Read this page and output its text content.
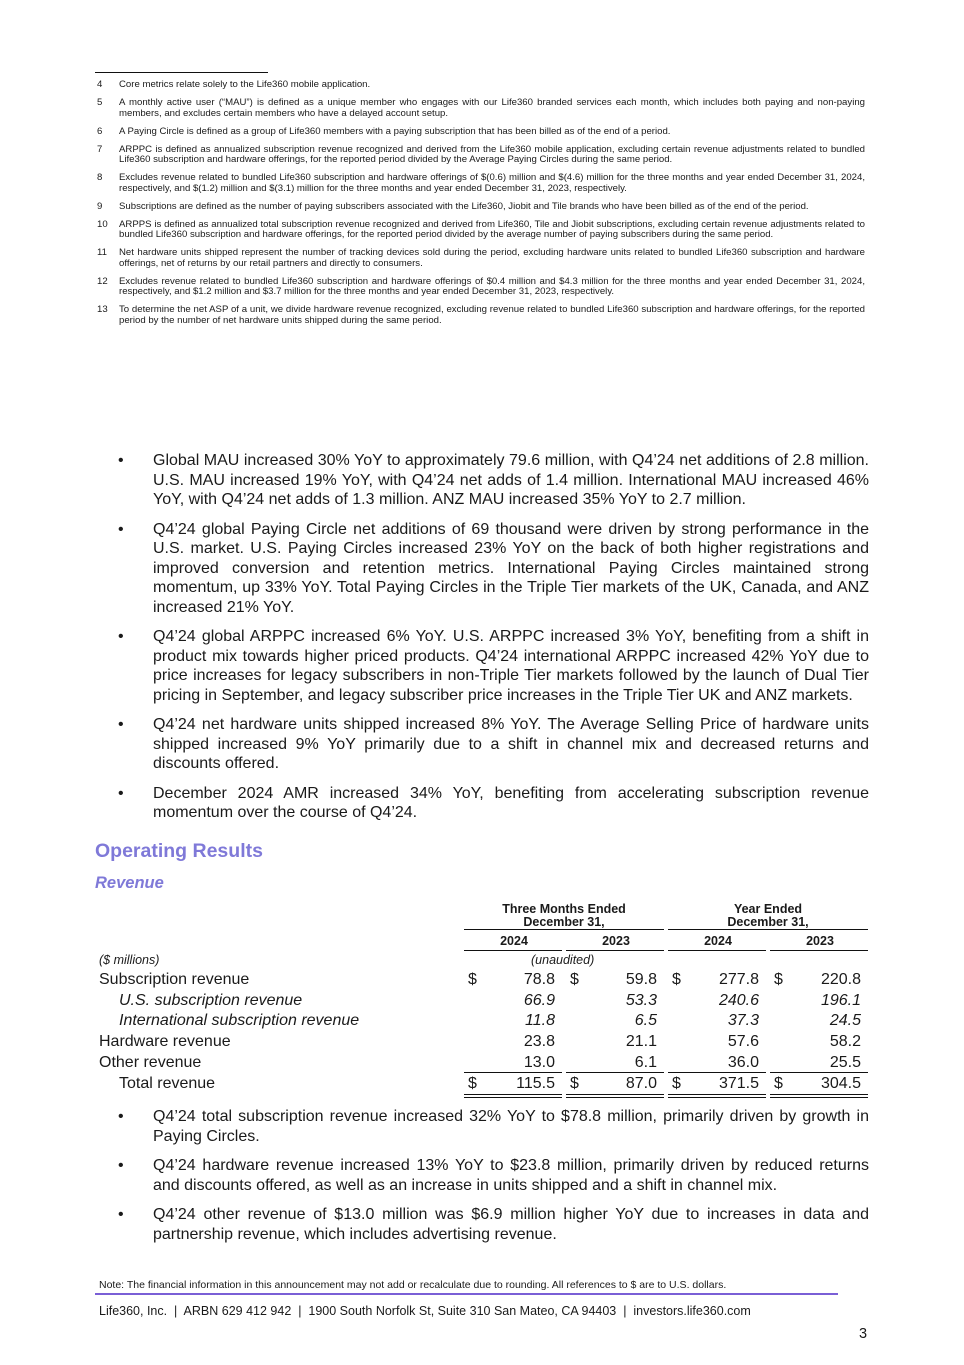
4	Core metrics relate solely to the Life360 mobile application.
5	A monthly active user (“MAU”) is defined as a unique member who engages with our Life360 branded services each month, which includes both paying and non-paying members, and excludes certain members who have a delayed account setup.
6	A Paying Circle is defined as a group of Life360 members with a paying subscription that has been billed as of the end of a period.
7	ARPPC is defined as annualized subscription revenue recognized and derived from the Life360 mobile application, excluding certain revenue adjustments related to bundled Life360 subscription and hardware offerings, for the reported period divided by the Average Paying Circles during the same period.
8	Excludes revenue related to bundled Life360 subscription and hardware offerings of $(0.6) million and $(4.6) million for the three months and year ended December 31, 2024, respectively, and $(1.2) million and $(3.1) million for the three months and year ended December 31, 2023, respectively.
9	Subscriptions are defined as the number of paying subscribers associated with the Life360, Jiobit and Tile brands who have been billed as of the end of the period.
10	ARPPS is defined as annualized total subscription revenue recognized and derived from Life360, Tile and Jiobit subscriptions, excluding certain revenue adjustments related to bundled Life360 subscription and hardware offerings, for the reported period divided by the average number of paying subscribers during the same period.
11	Net hardware units shipped represent the number of tracking devices sold during the period, excluding hardware units related to bundled Life360 subscription and hardware offerings, net of returns by our retail partners and directly to consumers.
12	Excludes revenue related to bundled Life360 subscription and hardware offerings of $0.4 million and $4.3 million for the three months and year ended December 31, 2024, respectively, and $1.2 million and $3.7 million for the three months and year ended December 31, 2023, respectively.
13	To determine the net ASP of a unit, we divide hardware revenue recognized, excluding revenue related to bundled Life360 subscription and hardware offerings, for the reported period by the number of net hardware units shipped during the same period.
•	Global MAU increased 30% YoY to approximately 79.6 million, with Q4’24 net additions of 2.8 million. U.S. MAU increased 19% YoY, with Q4’24 net adds of 1.4 million. International MAU increased 46% YoY, with Q4’24 net adds of 1.3 million. ANZ MAU increased 35% YoY to 2.7 million.
•	Q4’24 global Paying Circle net additions of 69 thousand were driven by strong performance in the U.S. market. U.S. Paying Circles increased 23% YoY on the back of both higher registrations and improved conversion and retention metrics. International Paying Circles maintained strong momentum, up 33% YoY. Total Paying Circles in the Triple Tier markets of the UK, Canada, and ANZ increased 21% YoY.
•	Q4’24 global ARPPC increased 6% YoY. U.S. ARPPC increased 3% YoY, benefiting from a shift in product mix towards higher priced products. Q4’24 international ARPPC increased 42% YoY due to price increases for legacy subscribers in non-Triple Tier markets followed by the launch of Dual Tier pricing in September, and legacy subscriber price increases in the Triple Tier UK and ANZ markets.
•	Q4’24 net hardware units shipped increased 8% YoY. The Average Selling Price of hardware units shipped increased 9% YoY primarily due to a shift in channel mix and decreased returns and discounts offered.
•	December 2024 AMR increased 34% YoY, benefiting from accelerating subscription revenue momentum over the course of Q4’24.
Operating Results
Revenue
Three Months Ended
December 31,
Year Ended
December 31,
2024	2023	2024	2023
($ millions)	(unaudited)
Subscription revenue	$	78.8 $	59.8 $	277.8 $	220.8
U.S. subscription revenue	66.9	53.3	240.6	196.1
International subscription revenue	11.8	6.5	37.3	24.5
Hardware revenue	23.8	21.1	57.6	58.2
Other revenue	13.0	6.1	36.0	25.5
Total revenue	$	115.5 $	87.0 $	371.5 $	304.5
•	Q4’24 total subscription revenue increased 32% YoY to $78.8 million, primarily driven by growth in Paying Circles.
•	Q4’24 hardware revenue increased 13% YoY to $23.8 million, primarily driven by reduced returns and discounts offered, as well as an increase in units shipped and a shift in channel mix.
•	Q4’24 other revenue of $13.0 million was $6.9 million higher YoY due to increases in data and partnership revenue, which includes advertising revenue.
Note: The financial information in this announcement may not add or recalculate due to rounding. All references to $ are to U.S. dollars.
Life360, Inc.  |  ARBN 629 412 942  |  1900 South Norfolk St, Suite 310 San Mateo, CA 94403  |  investors.life360.com
3
